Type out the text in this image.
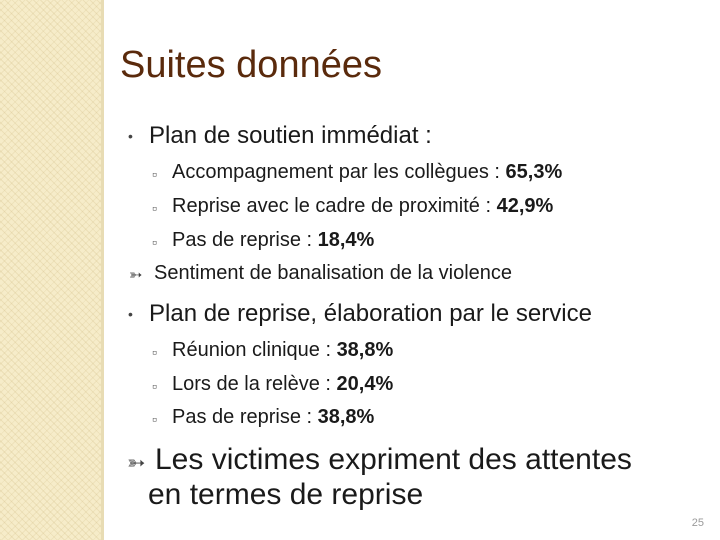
Suites données
• Plan de soutien immédiat :
▫ Accompagnement par les collègues : 65,3%
▫ Reprise avec le cadre de proximité : 42,9%
▫ Pas de reprise : 18,4%
➳ Sentiment de banalisation de la violence
• Plan de reprise, élaboration par le service
▫ Réunion clinique : 38,8%
▫ Lors de la relève : 20,4%
▫ Pas de reprise : 38,8%
➳ Les victimes expriment des attentes
en termes de reprise
25
